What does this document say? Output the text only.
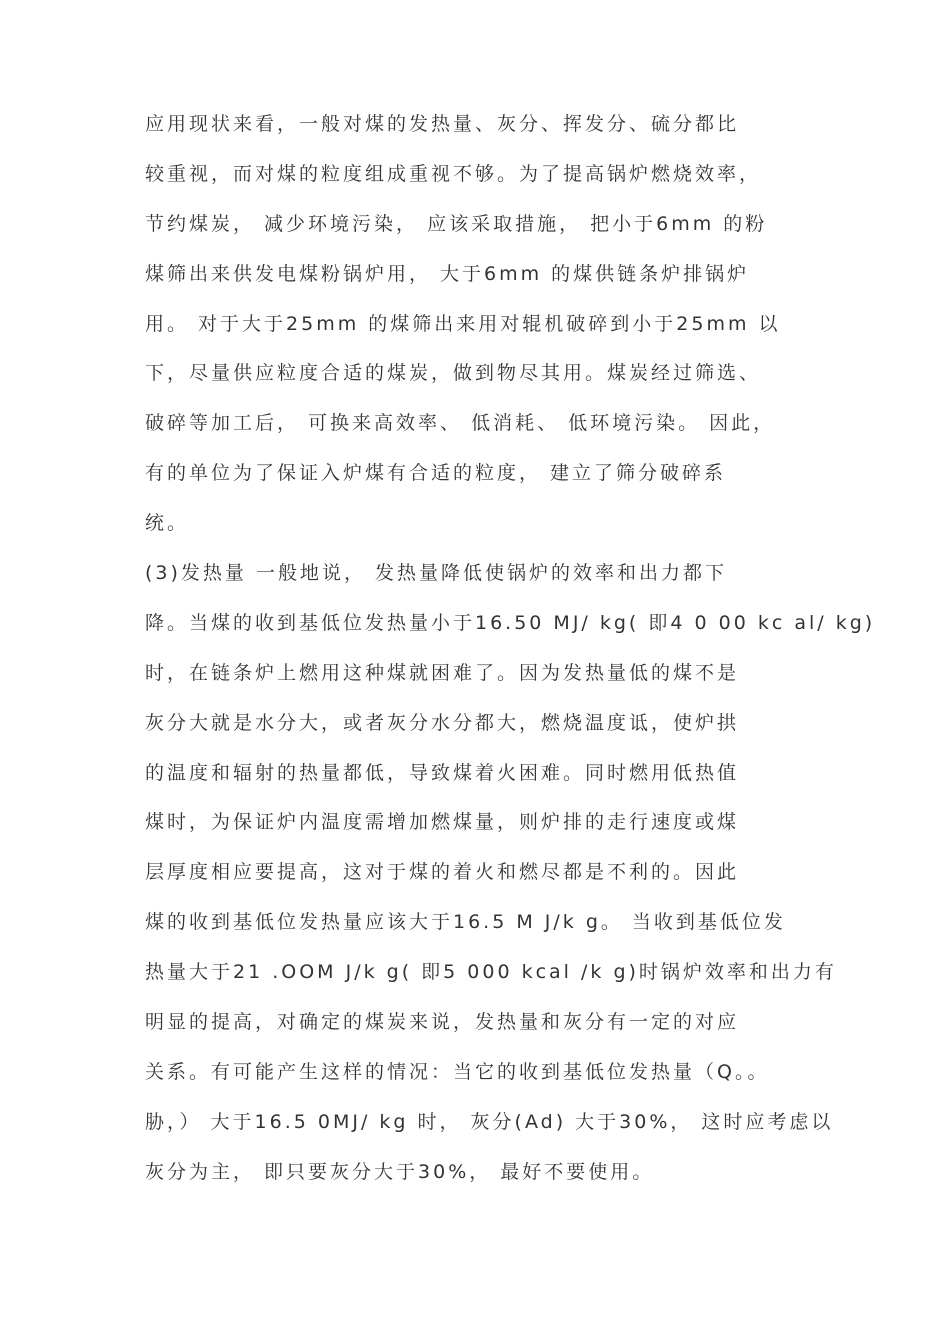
应用现状来看，一般对煤的发热量、灰分、挥发分、硫分都比
较重视，而对煤的粒度组成重视不够。为了提高锅炉燃烧效率，
节约煤炭， 减少环境污染， 应该采取措施， 把小于6mm 的粉
煤筛出来供发电煤粉锅炉用， 大于6mm 的煤供链条炉排锅炉
用。 对于大于25mm 的煤筛出来用对辊机破碎到小于25mm 以
下，尽量供应粒度合适的煤炭，做到物尽其用。煤炭经过筛选、
破碎等加工后， 可换来高效率、 低消耗、 低环境污染。 因此，
有的单位为了保证入炉煤有合适的粒度， 建立了筛分破碎系
统。
(3)发热量 一般地说， 发热量降低使锅炉的效率和出力都下
降。当煤的收到基低位发热量小于16.50 MJ/ kg( 即4 0 00 kc al/ kg)
时，在链条炉上燃用这种煤就困难了。因为发热量低的煤不是
灰分大就是水分大，或者灰分水分都大，燃烧温度诋，使炉拱
的温度和辐射的热量都低，导致煤着火困难。同时燃用低热值
煤时，为保证炉内温度需增加燃煤量，则炉排的走行速度或煤
层厚度相应要提高，这对于煤的着火和燃尽都是不利的。因此
煤的收到基低位发热量应该大于16.5 M J/k g。 当收到基低位发
热量大于21 .OOM J/k g( 即5 000 kcal /k g)时锅炉效率和出力有
明显的提高，对确定的煤炭来说，发热量和灰分有一定的对应
关系。有可能产生这样的情况：当它的收到基低位发热量（Q。。
胁，） 大于16.5 0MJ/ kg 时， 灰分(Ad) 大于30%， 这时应考虑以
灰分为主， 即只要灰分大于30%， 最好不要使用。
